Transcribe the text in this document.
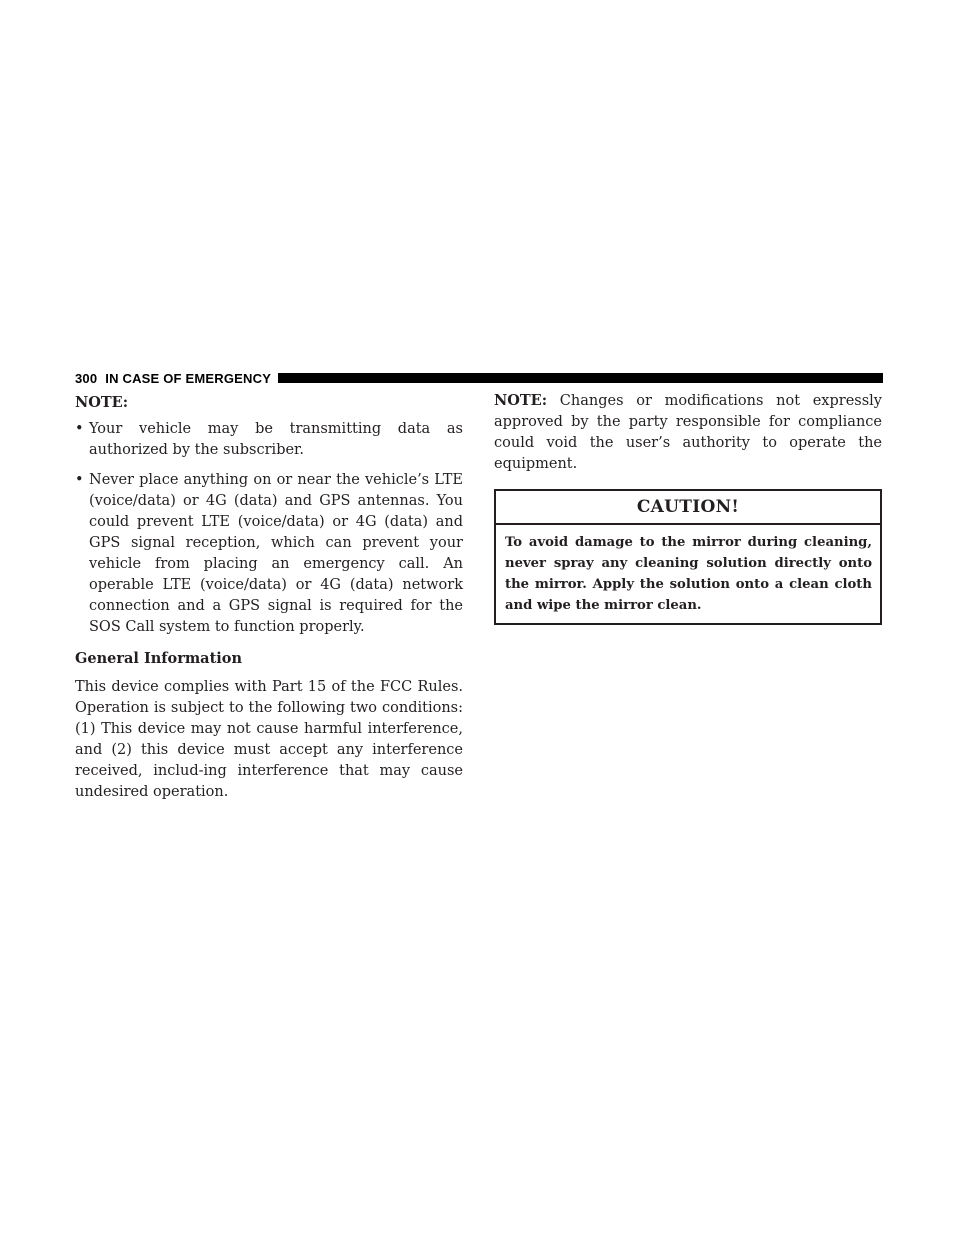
300 IN CASE OF EMERGENCY
NOTE:
• Your vehicle may be transmitting data as authorized by the subscriber.
• Never place anything on or near the vehicle’s LTE (voice/data) or 4G (data) and GPS antennas. You could prevent LTE (voice/data) or 4G (data) and GPS signal reception, which can prevent your vehicle from placing an emergency call. An operable LTE (voice/data) or 4G (data) network connection and a GPS signal is required for the SOS Call system to function properly.
General Information

This device complies with Part 15 of the FCC Rules. Operation is subject to the following two conditions: (1) This device may not cause harmful interference, and (2) this device must accept any interference received, includ-ing interference that may cause undesired operation.

NOTE: Changes or modifications not expressly approved by the party responsible for compliance could void the user’s authority to operate the equipment.

CAUTION!
To avoid damage to the mirror during cleaning, never spray any cleaning solution directly onto the mirror. Apply the solution onto a clean cloth and wipe the mirror clean.
